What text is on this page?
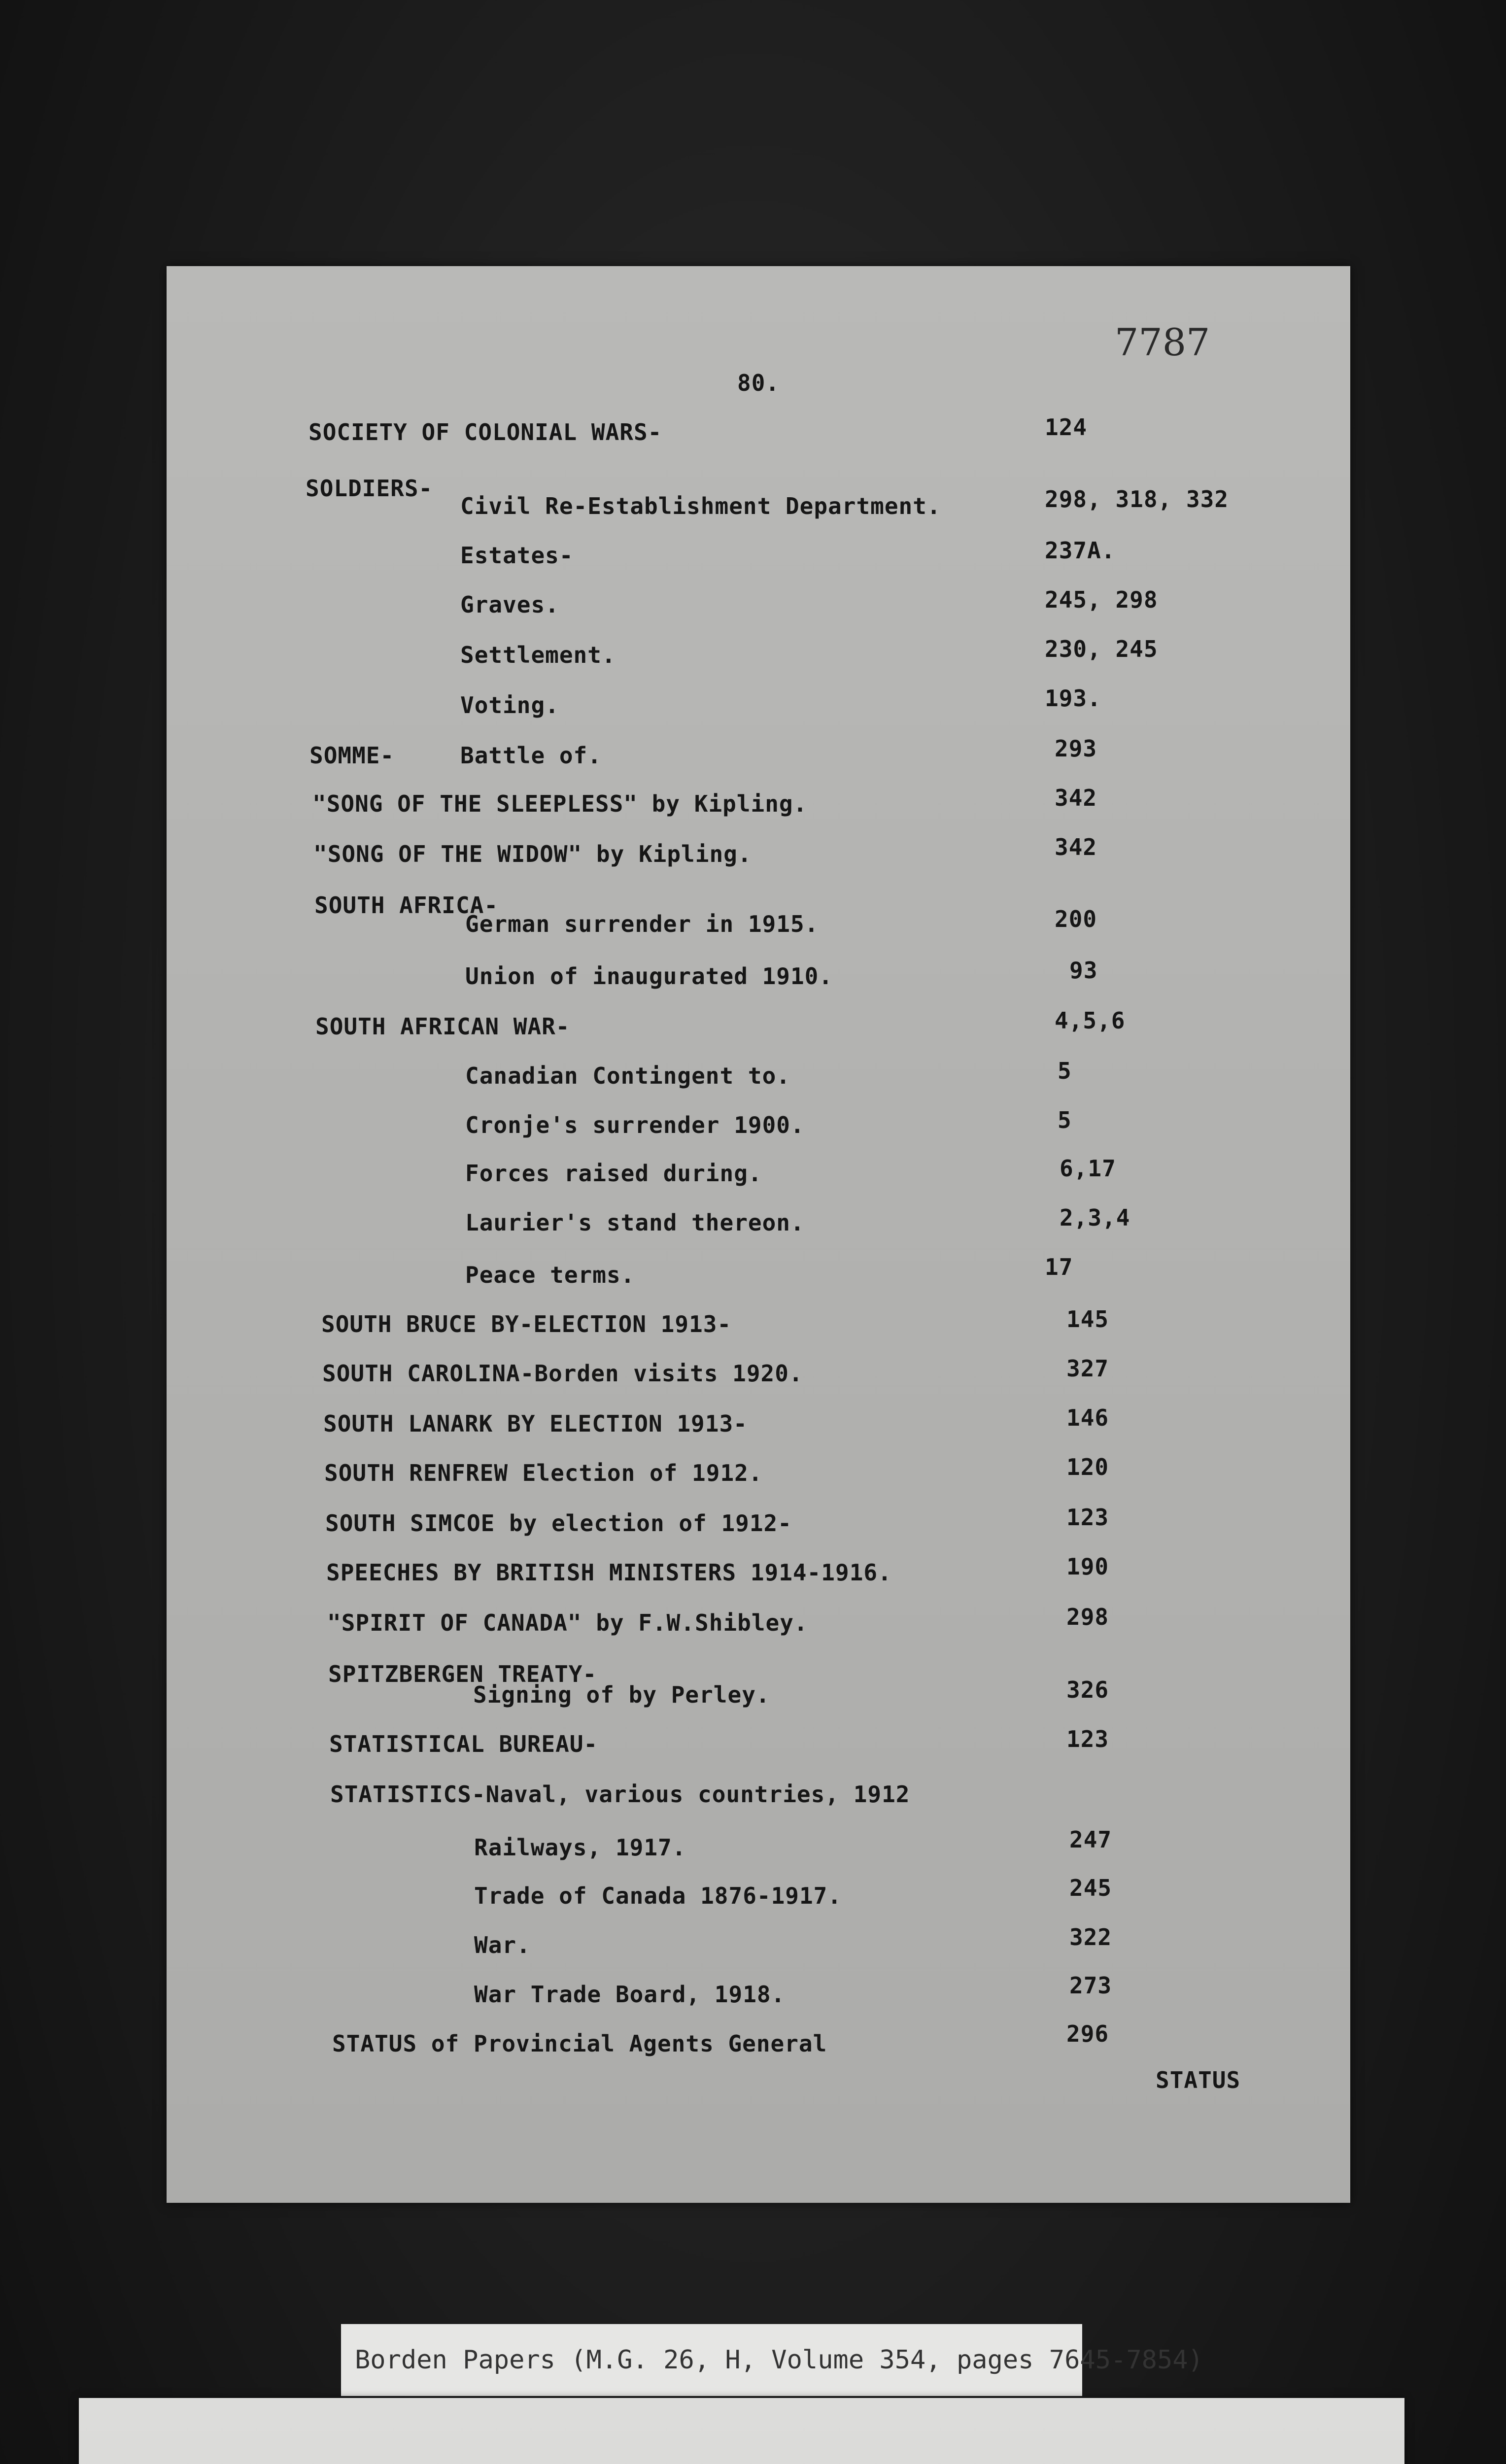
7787
80.
SOCIETY OF COLONIAL WARS-	124
SOLDIERS-
Civil Re-Establishment Department.	298, 318, 332
Estates-	237A.
Graves.	245, 298
Settlement.	230, 245
Voting.	193.
SOMME-	Battle of.	293
"SONG OF THE SLEEPLESS" by Kipling.	342
"SONG OF THE WIDOW" by Kipling.	342
SOUTH AFRICA-
German surrender in 1915.	200
Union of inaugurated 1910.	93
SOUTH AFRICAN WAR-	4,5,6
Canadian Contingent to.	5
Cronje's surrender 1900.	5
Forces raised during.	6,17
Laurier's stand thereon.	2,3,4
Peace terms.	17
SOUTH BRUCE BY-ELECTION 1913-	145
SOUTH CAROLINA-Borden visits 1920.	327
SOUTH LANARK BY ELECTION 1913-	146
SOUTH RENFREW Election of 1912.	120
SOUTH SIMCOE by election of 1912-	123
SPEECHES BY BRITISH MINISTERS 1914-1916.	190
"SPIRIT OF CANADA" by F.W.Shibley.	298
SPITZBERGEN TREATY-
Signing of by Perley.	326
STATISTICAL BUREAU-	123
STATISTICS-Naval, various countries, 1912
Railways, 1917.	247
Trade of Canada 1876-1917.	245
War.	322
War Trade Board, 1918.	273
STATUS of Provincial Agents General	296
STATUS
Borden Papers (M.G. 26, H, Volume 354, pages 7645-7854)
